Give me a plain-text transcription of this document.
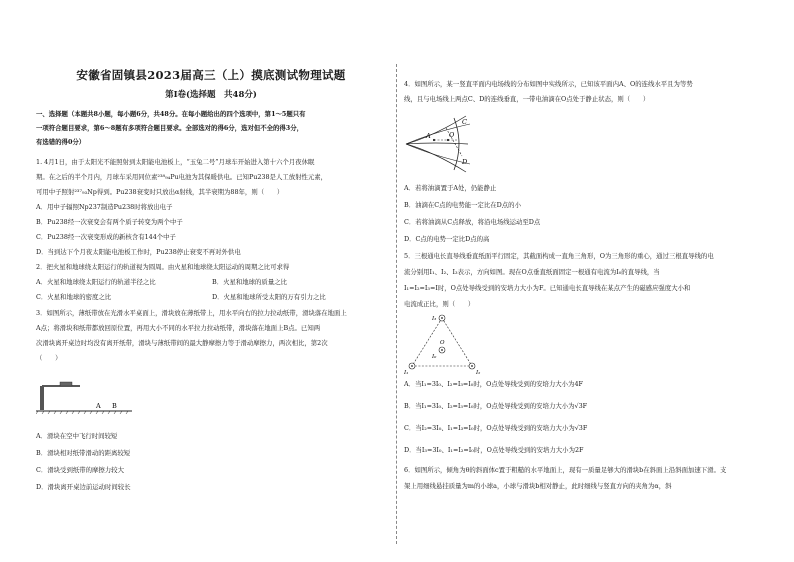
安徽省固镇县2023届高三（上）摸底测试物理试题
第Ⅰ卷(选择题　共48分)
一、选择题（本题共8小题，每小题6分，共48分。在每小题给出的四个选项中，第1～5题只有
一项符合题目要求，第6～8题有多项符合题目要求。全部选对的得6分，选对但不全的得3分，
有选错的得0分）
1. 4月1日，由于太阳光不能照射到太阳能电池板上，“玉兔二号”月球车开始进入第十六个月夜休眠
期。在之后的半个月内，月球车采用同位素²³⁸₉₄Pu电池为其保暖供电。已知Pu238是人工放射性元素，
可用中子照射²³⁷₉₃Np得到。Pu238衰变时只放出α射线，其半衰期为88年，则（　　）
A．用中子辐照Np237制造Pu238时将放出电子
B．Pu238经一次衰变会有两个质子转变为两个中子
C．Pu238经一次衰变形成的新核含有144个中子
D．当到达下个月夜太阳能电池板工作时，Pu238停止衰变不再对外供电
2．把火星和地球绕太阳运行的轨道视为圆周。由火星和地球绕太阳运动的周期之比可求得
A．火星和地球绕太阳运行的轨道半径之比	B．火星和地球的质量之比
C．火星和地球的密度之比	D．火星和地球所受太阳的万有引力之比
3．如图所示，薄纸带放在光滑水平桌面上，滑块放在薄纸带上，用水平向右的拉力拉动纸带，滑块落在地面上
A点；将滑块和纸带都放回原位置，再用大小不同的水平拉力拉动纸带，滑块落在地面上B点。已知两
次滑块离开桌边时均没有离开纸带，滑块与薄纸带间的最大静摩擦力等于滑动摩擦力，两次相比，第2次
（　　）
A B
A．滑块在空中飞行时间较短
B．滑块相对纸带滑动的距离较短
C．滑块受到纸带的摩擦力较大
D．滑块离开桌边前运动时间较长
4．如图所示，某一竖直平面内电场线的分布如图中实线所示，已知该平面内A、O的连线水平且为等势
线，且与电场线上两点C、D的连线垂直，一带电油滴在O点处于静止状态，则（　　）
C
A	O
D
A．若将油滴置于A处，仍能静止
B．油滴在C点的电势能一定比在D点的小
C．若将油滴从C点释放，将沿电场线运动至D点
D．C点的电势一定比D点的高
5．三根通电长直导线垂直纸面平行固定，其截面构成一直角三角形，O为三角形的重心，通过三根直导线的电
流分别用I₁、I₂、I₃表示，方向如图。现在O点垂直纸面固定一根通有电流为I₀的直导线，当
I₁=I₂=I₃=I时，O点处导线受到的安培力大小为F。已知通电长直导线在某点产生的磁感应强度大小和
电流成正比，则（　　）
I₃
O
I₀
I₁	I₂
A．当I₁=3I₀、I₂=I₃=I₀时，O点处导线受到的安培力大小为4F
B．当I₁=3I₀、I₂=I₃=I₀时，O点处导线受到的安培力大小为√3F
C．当I₂=3I₀、I₁=I₃=I₀时，O点处导线受到的安培力大小为√3F
D．当I₃=3I₀、I₁=I₂=I₀时，O点处导线受到的安培力大小为2F
6．如图所示，倾角为θ的斜面体c置于粗糙的水平地面上，现有一质量足够大的滑块b在斜面上沿斜面加速下滑。支
架上用细线悬挂质量为m的小球a，小球与滑块b相对静止，此时细线与竖直方向的夹角为α，斜
